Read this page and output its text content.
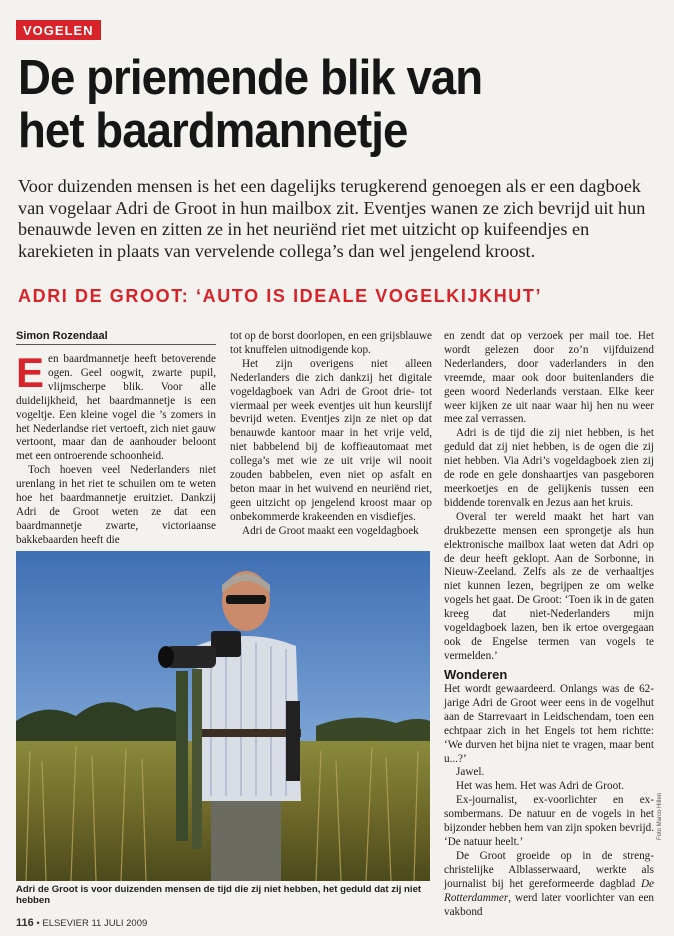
VOGELEN
De priemende blik van
het baardmannetje
Voor duizenden mensen is het een dagelijks terugkerend genoegen als er een dagboek van vogelaar Adri de Groot in hun mailbox zit. Eventjes wanen ze zich bevrijd uit hun benauwde leven en zitten ze in het neuriënd riet met uitzicht op kuifeendjes en karekieten in plaats van vervelende collega’s dan wel jengelend kroost.
ADRI DE GROOT: ‘AUTO IS IDEALE VOGELKIJKHUT’
Simon Rozendaal

Een baardmannetje heeft betoverende ogen. Geel oogwit, zwarte pupil, vlijmscherpe blik. Voor alle duidelijkheid, het baardmannetje is een vogeltje. Een kleine vogel die ’s zomers in het Nederlandse riet vertoeft, zich niet gauw vertoont, maar dan de aanhouder beloont met een ontroerende schoonheid.

Toch hoeven veel Nederlanders niet urenlang in het riet te schuilen om te weten hoe het baardmannetje eruitziet. Dankzij Adri de Groot weten ze dat een baardmannetje zwarte, victoriaanse bakkebaarden heeft die

tot op de borst doorlopen, en een grijsblauwe tot knuffelen uitnodigende kop.

Het zijn overigens niet alleen Nederlanders die zich dankzij het digitale vogeldagboek van Adri de Groot drie- tot viermaal per week eventjes uit hun keurslijf bevrijd weten. Eventjes zijn ze niet op dat benauwde kantoor maar in het vrije veld, niet babbelend bij de koffieautomaat met collega’s met wie ze uit vrije wil nooit zouden babbelen, even niet op asfalt en beton maar in het wuivend en neuriënd riet, geen uitzicht op jengelend kroost maar op onbekommerde krakeenden en visdiefjes.

Adri de Groot maakt een vogeldagboek

en zendt dat op verzoek per mail toe. Het wordt gelezen door zo’n vijfduizend Nederlanders, door vaderlanders in den vreemde, maar ook door buitenlanders die geen woord Nederlands verstaan. Elke keer weer kijken ze uit naar waar hij hen nu weer mee zal verrassen.

Adri is de tijd die zij niet hebben, is het geduld dat zij niet hebben, is de ogen die zij niet hebben. Via Adri’s vogeldagboek zien zij de rode en gele donshaartjes van pasgeboren meerkoetjes en de gelijkenis tussen een biddende torenvalk en Jezus aan het kruis.

Overal ter wereld maakt het hart van drukbezette mensen een sprongetje als hun elektronische mailbox laat weten dat Adri op de deur heeft geklopt. Aan de Sorbonne, in Nieuw-Zeeland. Zelfs als ze de verhaaltjes niet kunnen lezen, begrijpen ze om welke vogels het gaat. De Groot: ‘Toen ik in de gaten kreeg dat niet-Nederlanders mijn vogeldagboek lazen, ben ik ertoe overgegaan ook de Engelse termen van vogels te vermelden.’

Wonderen

Het wordt gewaardeerd. Onlangs was de 62-jarige Adri de Groot weer eens in de vogelhut aan de Starrevaart in Leidschendam, toen een echtpaar zich in het Engels tot hem richtte: ‘We durven het bijna niet te vragen, maar bent u...?’

Jawel.

Het was hem. Het was Adri de Groot.

Ex-journalist, ex-voorlichter en ex-sombermans. De natuur en de vogels in het bijzonder hebben hem van zijn spoken bevrijd. ‘De natuur heelt.’

De Groot groeide op in de streng-christelijke Alblasserwaard, werkte als journalist bij het gereformeerde dagblad De Rotterdammer, werd later voorlichter van een vakbond

Adri de Groot is voor duizenden mensen de tijd die zij niet hebben, het geduld dat zij niet hebben
116 • ELSEVIER 11 JULI 2009
Foto Marco Hillen
